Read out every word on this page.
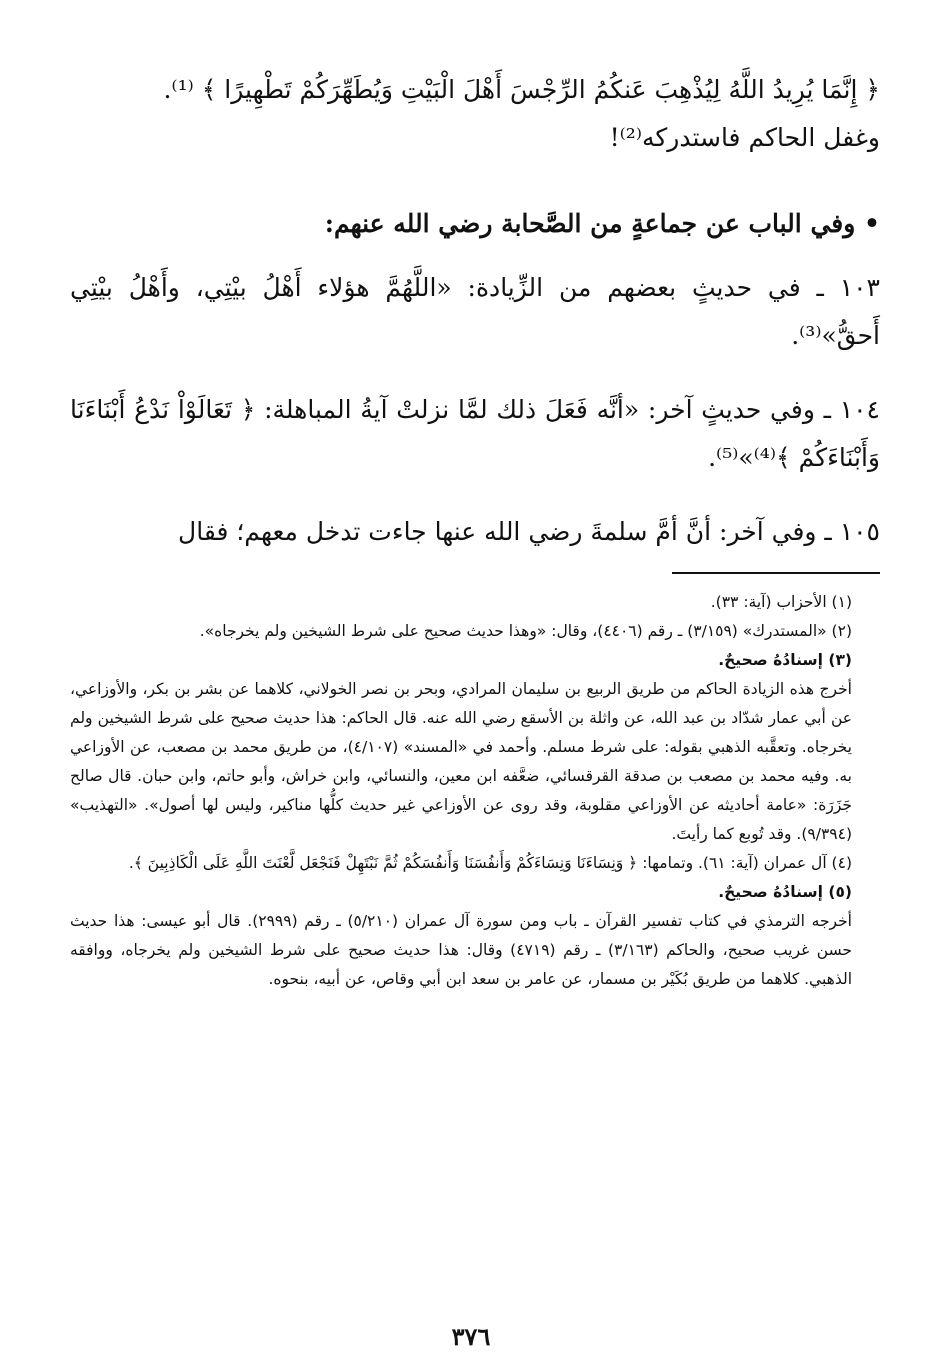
﴿ إِنَّمَا يُرِيدُ اللَّهُ لِيُذْهِبَ عَنكُمُ الرِّجْسَ أَهْلَ الْبَيْتِ وَيُطَهِّرَكُمْ تَطْهِيرًا ﴾ ⁽¹⁾.

وغفل الحاكم فاستدركه⁽²⁾!

• وفي الباب عن جماعةٍ من الصَّحابة رضي الله عنهم:

١٠٣ ـ في حديثٍ بعضهم من الزِّيادة: «اللَّهُمَّ هؤلاء أَهْلُ بيْتِي، وأَهْلُ بيْتِي أَحقُّ»⁽³⁾.

١٠٤ ـ وفي حديثٍ آخر: «أنَّه فَعَلَ ذلك لمَّا نزلتْ آيةُ المباهلة: ﴿ تَعَالَوْاْ نَدْعُ أَبْنَاءَنَا وَأَبْنَاءَكُمْ ﴾⁽⁴⁾»⁽⁵⁾.

١٠٥ ـ وفي آخر: أنَّ أمَّ سلمةَ رضي الله عنها جاءت تدخل معهم؛ فقال

(١) الأحزاب (آية: ٣٣).

(٢) «المستدرك» (٣/١٥٩) ـ رقم (٤٤٠٦)، وقال: «وهذا حديث صحيح على شرط الشيخين ولم يخرجاه».

(٣) إسنادُهُ صحيحٌ.

أخرج هذه الزيادة الحاكم من طريق الربيع بن سليمان المرادي، وبحر بن نصر الخولاني، كلاهما عن بشر بن بكر، والأوزاعي، عن أبي عمار شدّاد بن عبد الله، عن واثلة بن الأسقع رضي الله عنه. قال الحاكم: هذا حديث صحيح على شرط الشيخين ولم يخرجاه. وتعقَّبه الذهبي بقوله: على شرط مسلم. وأحمد في «المسند» (٤/١٠٧)، من طريق محمد بن مصعب، عن الأوزاعي به. وفيه محمد بن مصعب بن صدقة القرقسائي، ضعَّفه ابن معين، والنسائي، وابن خراش، وأبو حاتم، وابن حبان. قال صالح جَزَرَة: «عامة أحاديثه عن الأوزاعي مقلوبة، وقد روى عن الأوزاعي غير حديث كلُّها مناكير، وليس لها أصول». «التهذيب» (٩/٣٩٤). وقد تُوبع كما رأيتَ.

(٤) آل عمران (آية: ٦١). وتمامها: ﴿ وَنِسَاءَنَا وَنِسَاءَكُمْ وَأَنفُسَنَا وَأَنفُسَكُمْ ثُمَّ نَبْتَهِلْ فَنَجْعَل لَّعْنَتَ اللَّهِ عَلَى الْكَاذِبِينَ ﴾.

(٥) إسنادُهُ صحيحٌ.

أخرجه الترمذي في كتاب تفسير القرآن ـ باب ومن سورة آل عمران (٥/٢١٠) ـ رقم (٢٩٩٩). قال أبو عيسى: هذا حديث حسن غريب صحيح، والحاكم (٣/١٦٣) ـ رقم (٤٧١٩) وقال: هذا حديث صحيح على شرط الشيخين ولم يخرجاه، ووافقه الذهبي. كلاهما من طريق بُكَيْر بن مسمار، عن عامر بن سعد ابن أبي وقاص، عن أبيه، بنحوه.

٣٧٦
